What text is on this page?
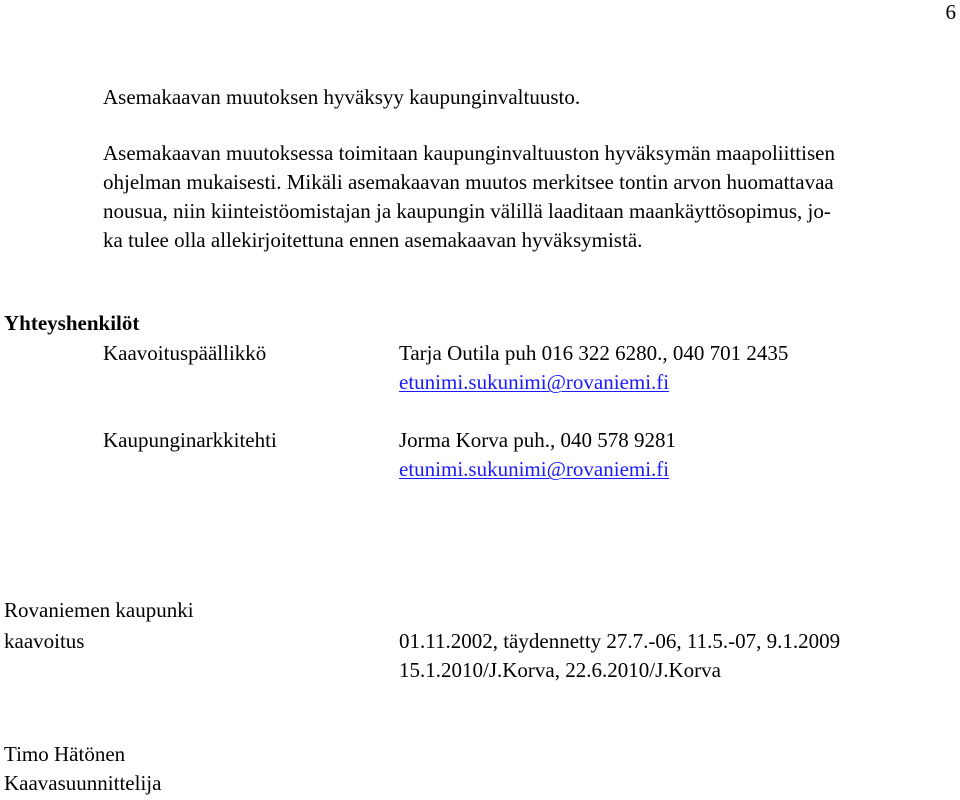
6
Asemakaavan muutoksen hyväksyy kaupunginvaltuusto.
Asemakaavan muutoksessa toimitaan kaupunginvaltuuston hyväksymän maapoliittisen
ohjelman mukaisesti. Mikäli asemakaavan muutos merkitsee tontin arvon huomattavaa
nousua, niin kiinteistöomistajan ja kaupungin välillä laaditaan maankäyttösopimus, jo-
ka tulee olla allekirjoitettuna ennen asemakaavan hyväksymistä.
Yhteyshenkilöt
Kaavoituspäällikkö	Tarja Outila puh 016 322 6280., 040 701 2435
etunimi.sukunimi@rovaniemi.fi
Kaupunginarkkitehti	Jorma Korva puh., 040 578 9281
etunimi.sukunimi@rovaniemi.fi
Rovaniemen kaupunki
kaavoitus	01.11.2002, täydennetty 27.7.-06, 11.5.-07, 9.1.2009
15.1.2010/J.Korva, 22.6.2010/J.Korva
Timo Hätönen
Kaavasuunnittelija
